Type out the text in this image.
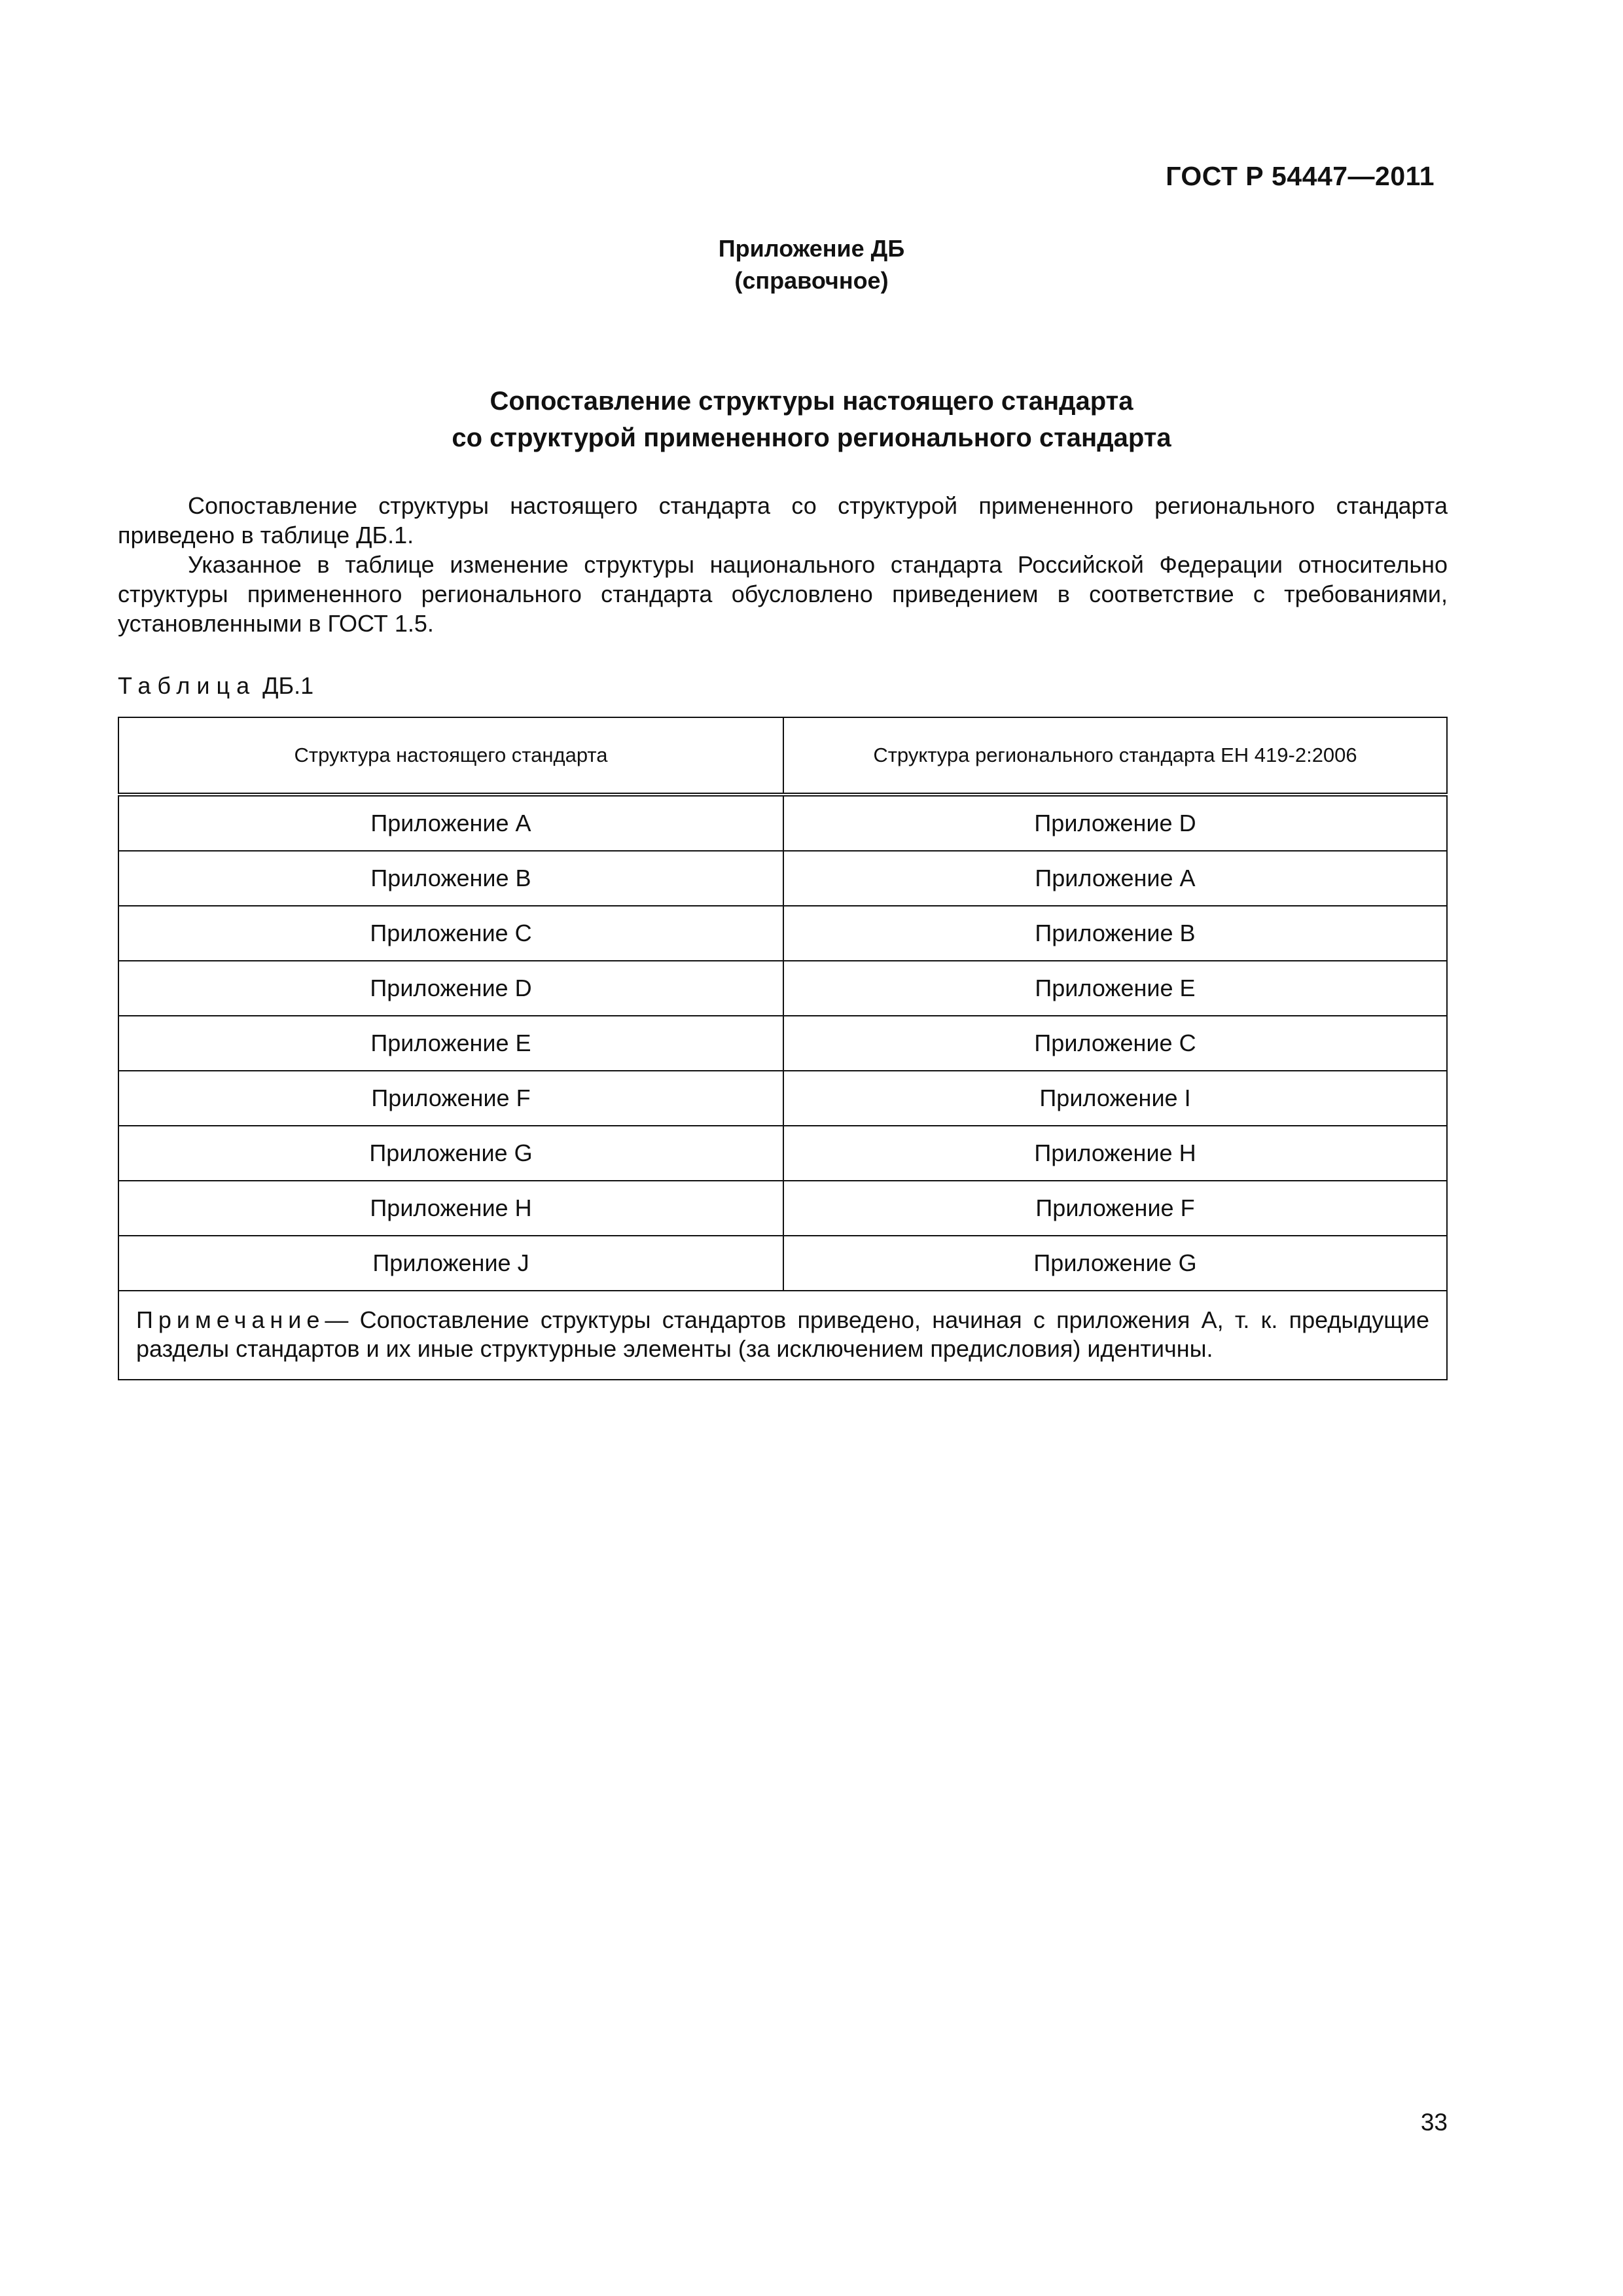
ГОСТ Р 54447—2011
Приложение ДБ
(справочное)
Сопоставление структуры настоящего стандарта
со структурой примененного регионального стандарта

Сопоставление структуры настоящего стандарта со структурой примененного регионального стандарта приведено в таблице ДБ.1.

Указанное в таблице изменение структуры национального стандарта Российской Федерации относительно структуры примененного регионального стандарта обусловлено приведением в соответствие с требованиями, установленными в ГОСТ 1.5.

Таблица ДБ.1
Структура настоящего стандарта	Структура регионального стандарта ЕН 419-2:2006
Приложение A	Приложение D
Приложение B	Приложение A
Приложение C	Приложение B
Приложение D	Приложение E
Приложение E	Приложение C
Приложение F	Приложение I
Приложение G	Приложение H
Приложение H	Приложение F
Приложение J	Приложение G
Примечание— Сопоставление структуры стандартов приведено, начиная с приложения А, т. к. предыдущие разделы стандартов и их иные структурные элементы (за исключением предисловия) идентичны.	
33
